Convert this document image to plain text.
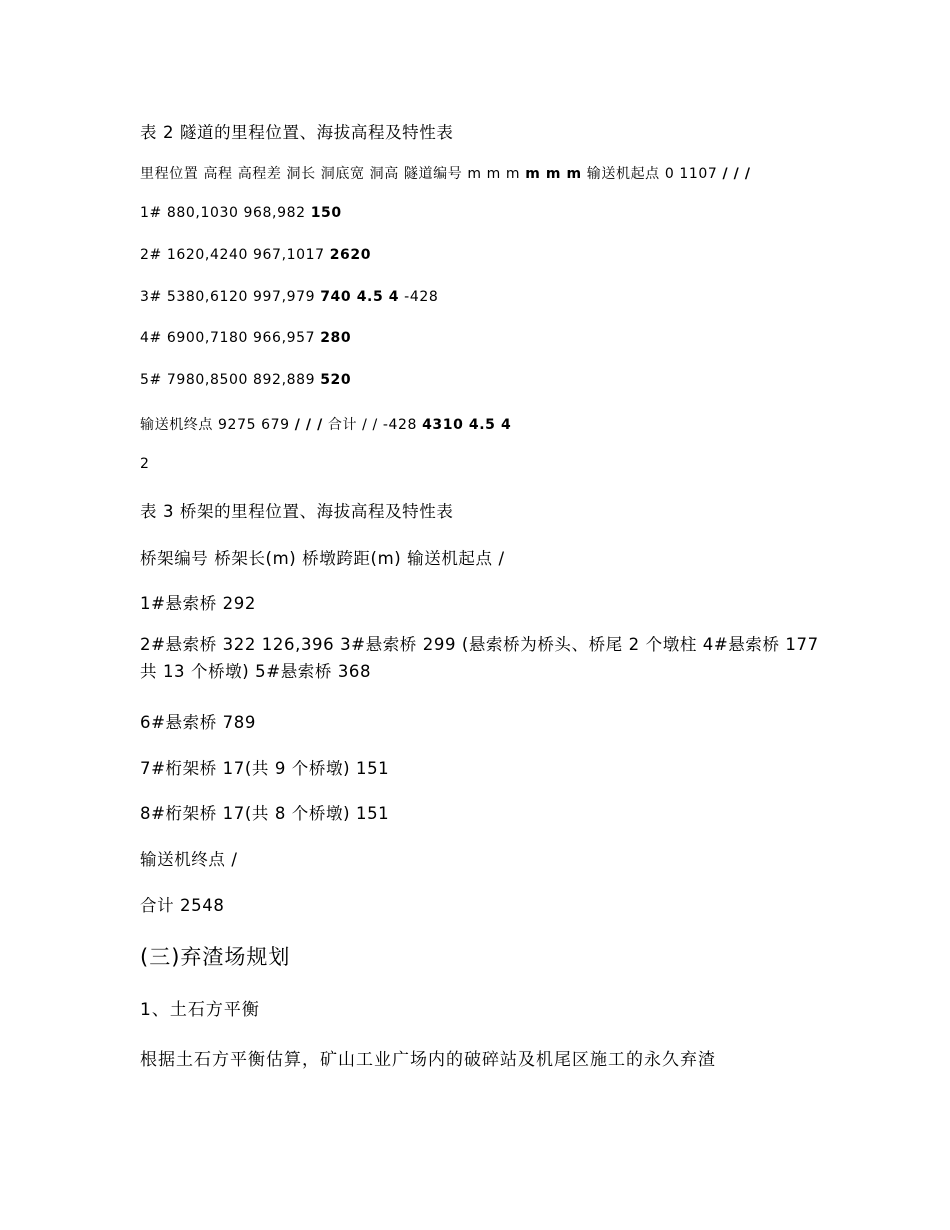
表 2 隧道的里程位置、海拔高程及特性表
里程位置 高程 高程差 洞长 洞底宽 洞高 隧道编号 m m m m m m 输送机起点 0 1107 / / /
1# 880,1030 968,982 150
2# 1620,4240 967,1017 2620
3# 5380,6120 997,979 740 4.5 4 -428
4# 6900,7180 966,957 280
5# 7980,8500 892,889 520
输送机终点 9275 679 / / / 合计 / / -428 4310 4.5 4
2
表 3 桥架的里程位置、海拔高程及特性表
桥架编号 桥架长(m) 桥墩跨距(m) 输送机起点 /
1#悬索桥 292
2#悬索桥 322 126,396 3#悬索桥 299 (悬索桥为桥头、桥尾 2 个墩柱 4#悬索桥 177 共 13 个桥墩) 5#悬索桥 368
6#悬索桥 789
7#桁架桥 17(共 9 个桥墩) 151
8#桁架桥 17(共 8 个桥墩) 151
输送机终点 /
合计 2548
(三)弃渣场规划
1、土石方平衡
根据土石方平衡估算，矿山工业广场内的破碎站及机尾区施工的永久弃渣
